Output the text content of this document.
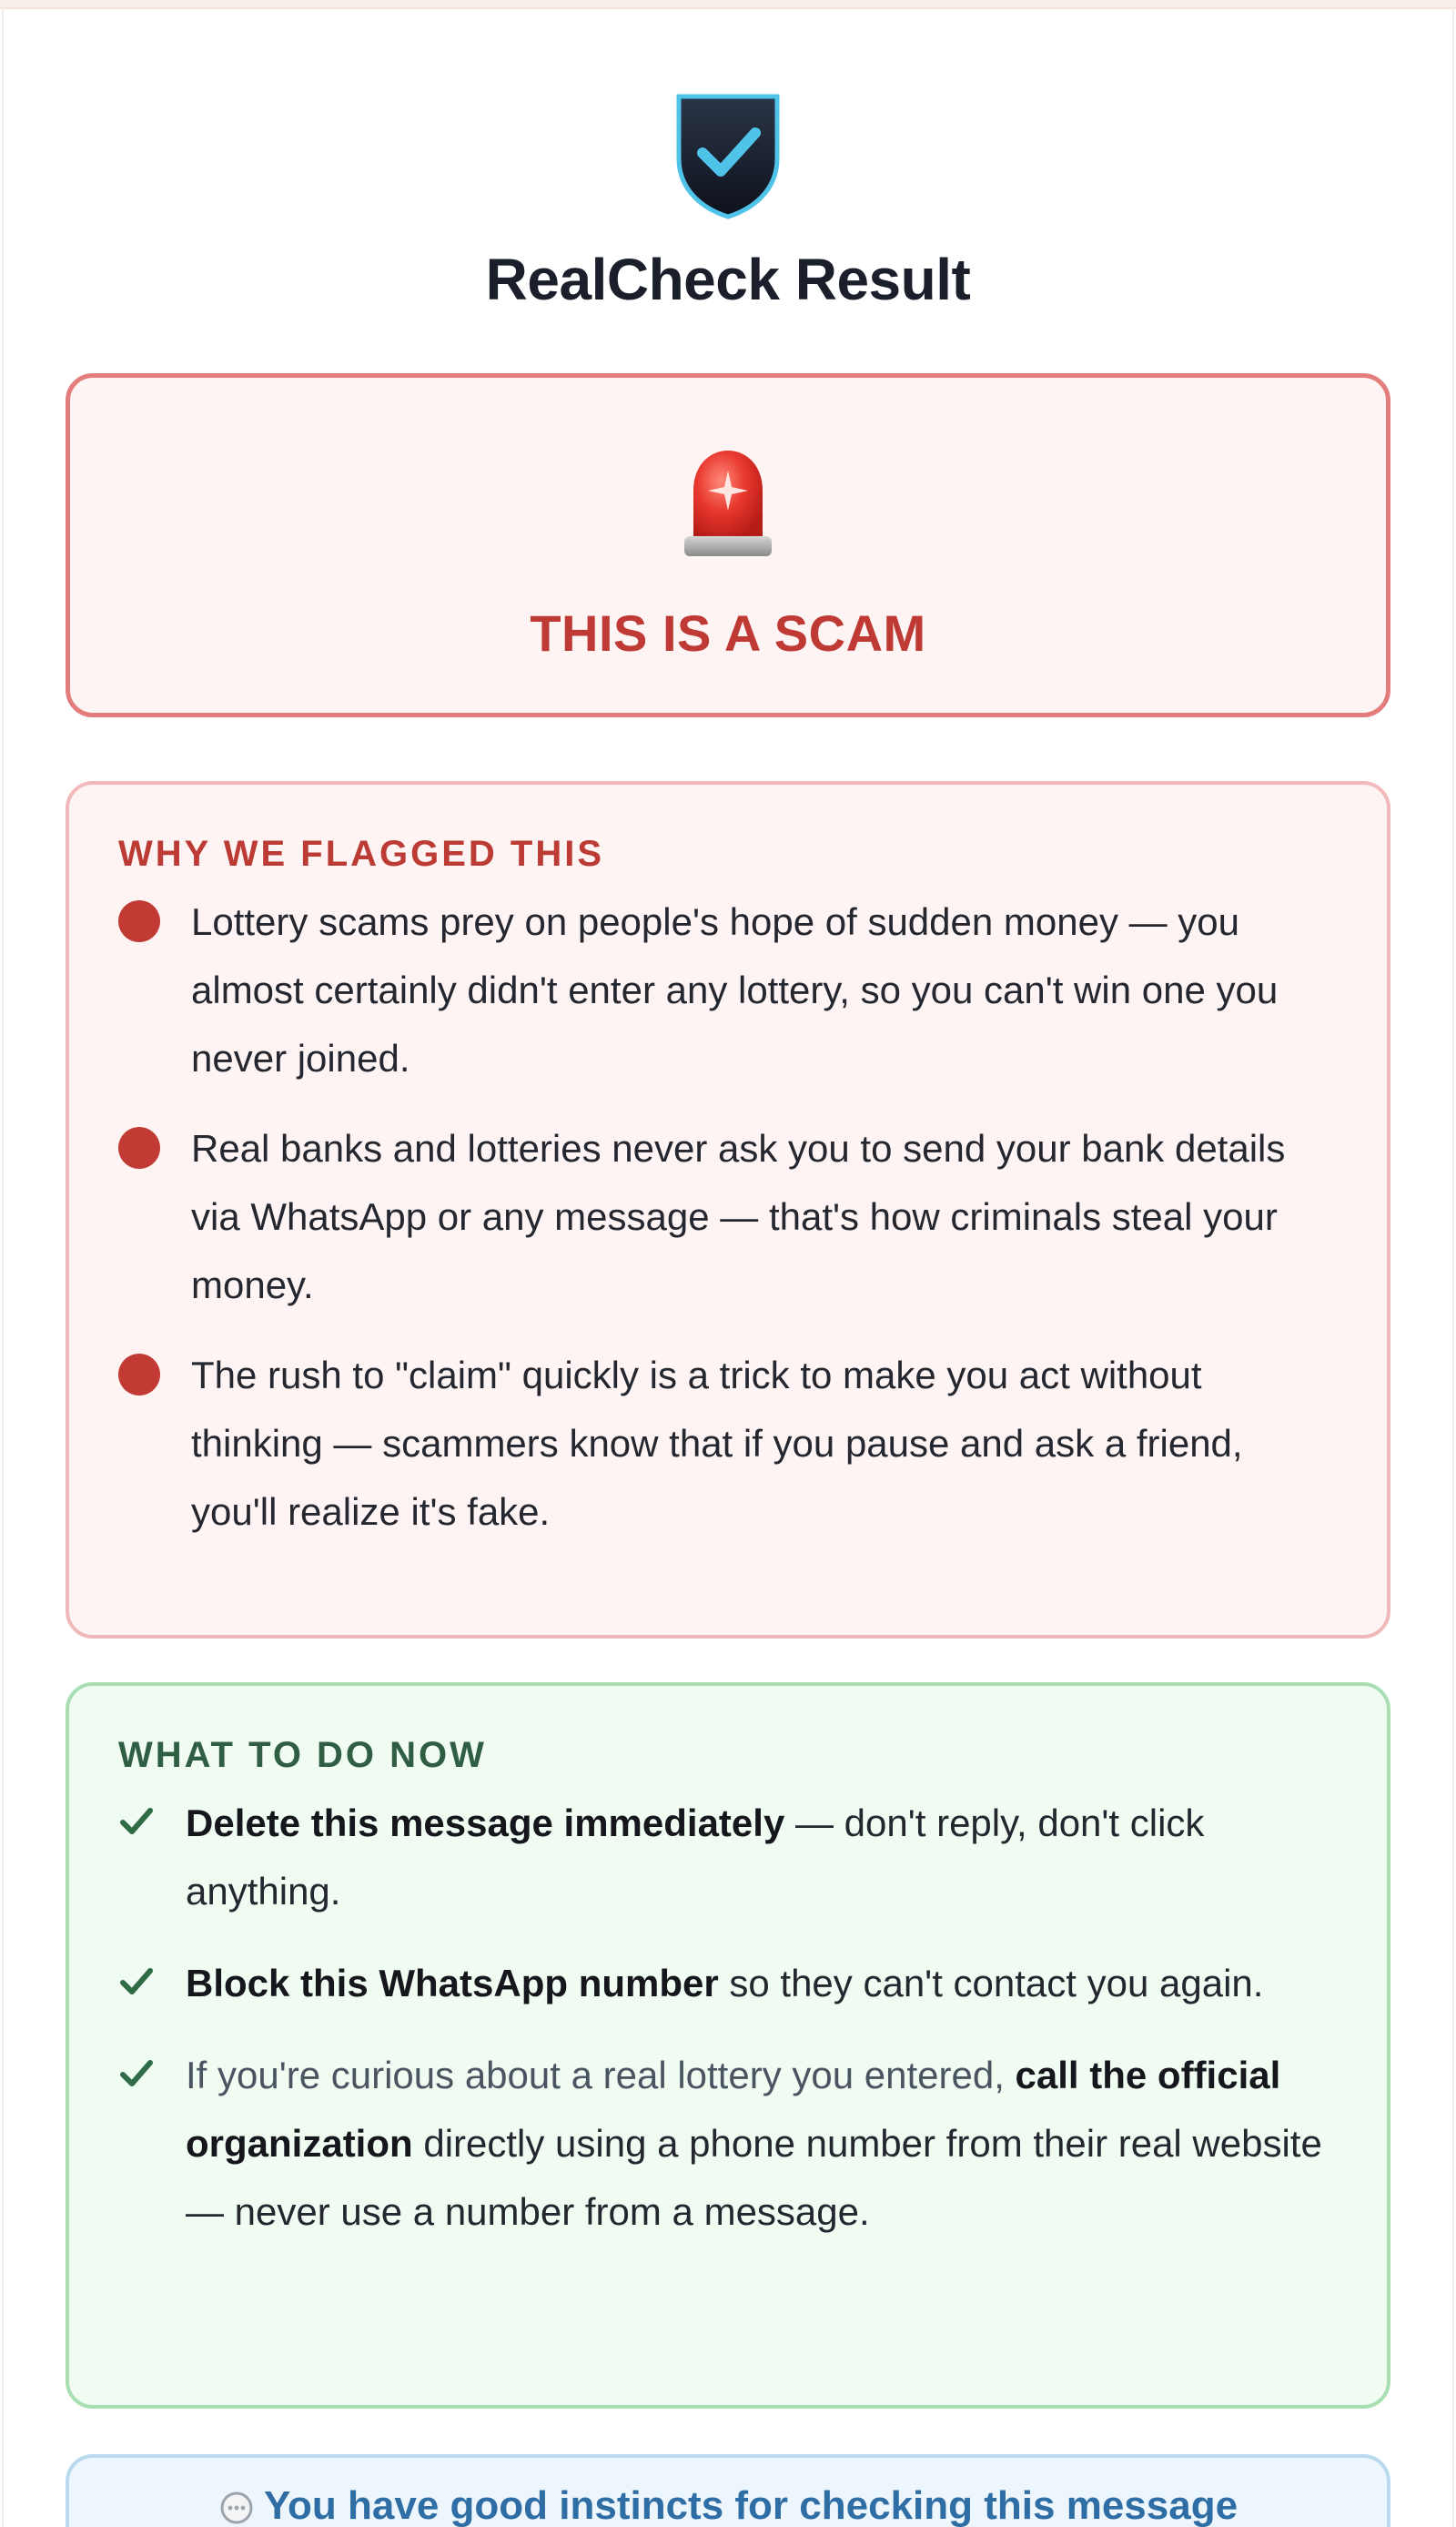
RealCheck Result
THIS IS A SCAM
WHY WE FLAGGED THIS
Lottery scams prey on people's hope of sudden money — you almost certainly didn't enter any lottery, so you can't win one you never joined.
Real banks and lotteries never ask you to send your bank details via WhatsApp or any message — that's how criminals steal your money.
The rush to "claim" quickly is a trick to make you act without thinking — scammers know that if you pause and ask a friend, you'll realize it's fake.
WHAT TO DO NOW
Delete this message immediately — don't reply, don't click anything.
Block this WhatsApp number so they can't contact you again.
If you're curious about a real lottery you entered, call the official organization directly using a phone number from their real website — never use a number from a message.
You have good instincts for checking this message
